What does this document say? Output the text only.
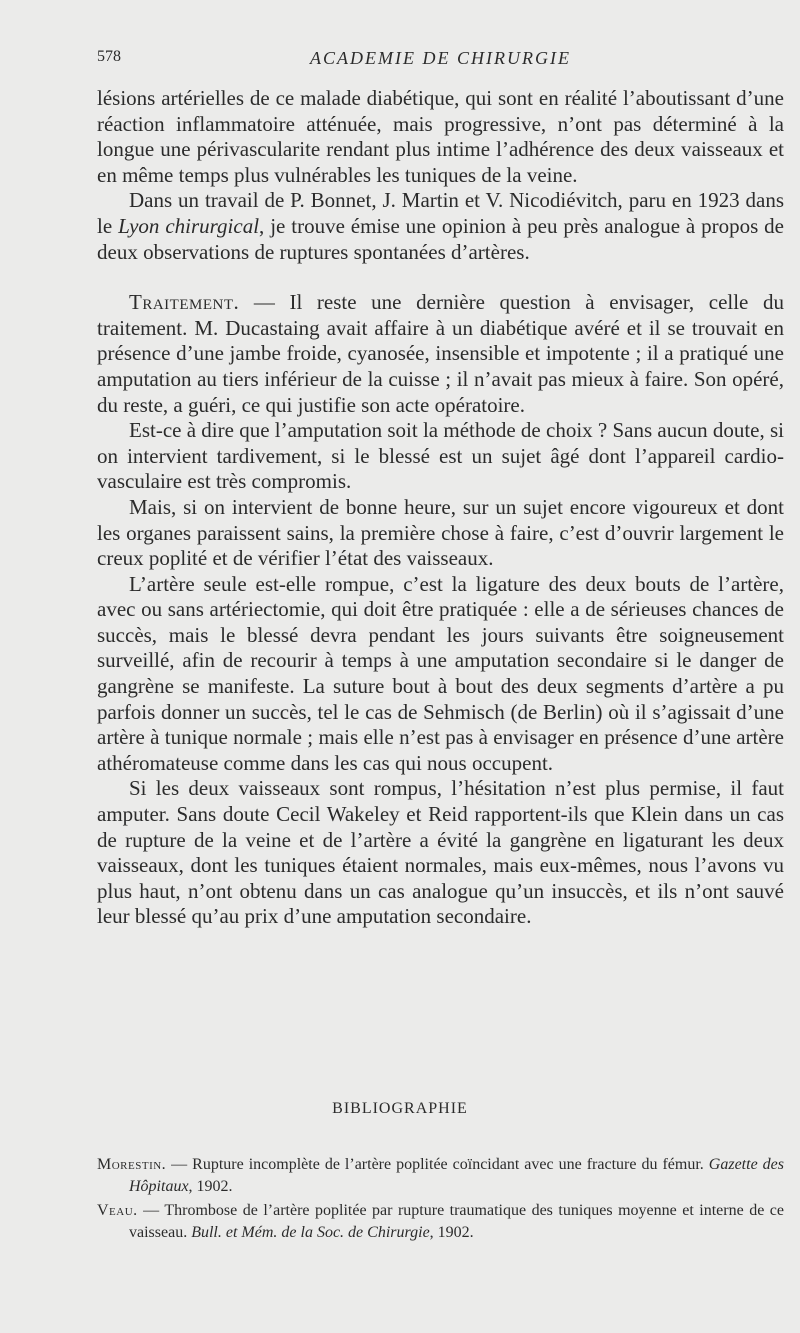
578	ACADEMIE DE CHIRURGIE

lésions artérielles de ce malade diabétique, qui sont en réalité l’aboutissant d’une réaction inflammatoire atténuée, mais progressive, n’ont pas déterminé à la longue une périvascularite rendant plus intime l’adhérence des deux vaisseaux et en même temps plus vulnérables les tuniques de la veine.

Dans un travail de P. Bonnet, J. Martin et V. Nicodiévitch, paru en 1923 dans le Lyon chirurgical, je trouve émise une opinion à peu près analogue à propos de deux observations de ruptures spontanées d’artères.

Traitement. — Il reste une dernière question à envisager, celle du traitement. M. Ducastaing avait affaire à un diabétique avéré et il se trouvait en présence d’une jambe froide, cyanosée, insensible et impotente ; il a pratiqué une amputation au tiers inférieur de la cuisse ; il n’avait pas mieux à faire. Son opéré, du reste, a guéri, ce qui justifie son acte opératoire.

Est-ce à dire que l’amputation soit la méthode de choix ? Sans aucun doute, si on intervient tardivement, si le blessé est un sujet âgé dont l’appareil cardio-vasculaire est très compromis.

Mais, si on intervient de bonne heure, sur un sujet encore vigoureux et dont les organes paraissent sains, la première chose à faire, c’est d’ouvrir largement le creux poplité et de vérifier l’état des vaisseaux.

L’artère seule est-elle rompue, c’est la ligature des deux bouts de l’artère, avec ou sans artériectomie, qui doit être pratiquée : elle a de sérieuses chances de succès, mais le blessé devra pendant les jours suivants être soigneusement surveillé, afin de recourir à temps à une amputation secondaire si le danger de gangrène se manifeste. La suture bout à bout des deux segments d’artère a pu parfois donner un succès, tel le cas de Sehmisch (de Berlin) où il s’agissait d’une artère à tunique normale ; mais elle n’est pas à envisager en présence d’une artère athéromateuse comme dans les cas qui nous occupent.

Si les deux vaisseaux sont rompus, l’hésitation n’est plus permise, il faut amputer. Sans doute Cecil Wakeley et Reid rapportent-ils que Klein dans un cas de rupture de la veine et de l’artère a évité la gangrène en ligaturant les deux vaisseaux, dont les tuniques étaient normales, mais eux-mêmes, nous l’avons vu plus haut, n’ont obtenu dans un cas analogue qu’un insuccès, et ils n’ont sauvé leur blessé qu’au prix d’une amputation secondaire.

BIBLIOGRAPHIE

Morestin. — Rupture incomplète de l’artère poplitée coïncidant avec une fracture du fémur. Gazette des Hôpitaux, 1902.

Veau. — Thrombose de l’artère poplitée par rupture traumatique des tuniques moyenne et interne de ce vaisseau. Bull. et Mém. de la Soc. de Chirurgie, 1902.
